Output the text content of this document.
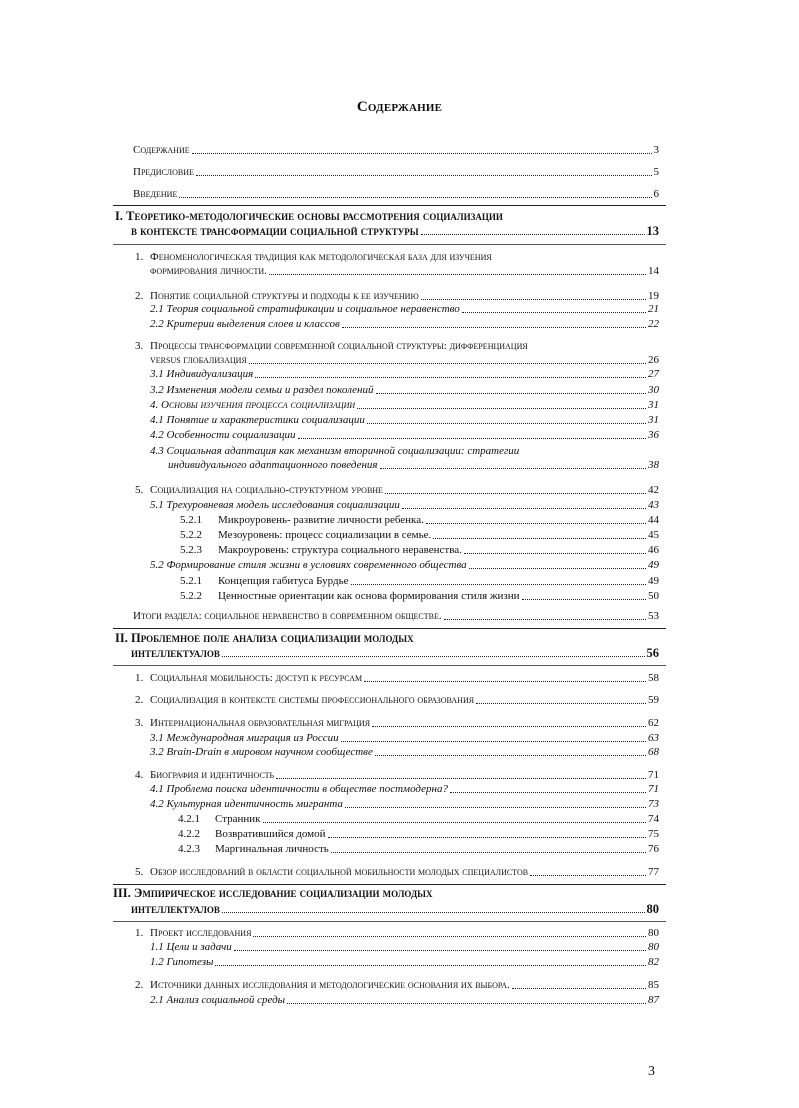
Содержание
Содержание	3
Предисловие	5
Введение	6
I. Теоретико-методологические основы рассмотрения социализации
в контексте трансформации социальной структуры	13
1. Феноменологическая традиция как методологическая база для изучения
формирования личности.	14
2. Понятие социальной структуры и подходы к ее изучению	19
2.1 Теория социальной стратификации и социальное неравенство	21
2.2 Критерии выделения слоев и классов	22
3. Процессы трансформации современной социальной структуры: дифференциация
versus глобализация	26
3.1 Индивидуализация	27
3.2 Изменения модели семьи и раздел поколений	30
4. Основы изучения процесса социализации	31
4.1 Понятие и характеристики социализации	31
4.2 Особенности социализации	36
4.3 Социальная адаптация как механизм вторичной социализации: стратегии
индивидуального адаптационного поведения	38
5. Социализация на социально-структурном уровне	42
5.1 Трехуровневая модель исследования социализации	43
5.2.1 Микроуровень- развитие личности ребенка.	44
5.2.2 Мезоуровень: процесс социализации в семье.	45
5.2.3 Макроуровень: структура социального неравенства.	46
5.2 Формирование стиля жизни в условиях современного общества	49
5.2.1 Концепция габитуса Бурдье	49
5.2.2 Ценностные ориентации как основа формирования стиля жизни	50
Итоги раздела: социальное неравенство в современном обществе.	53
II. Проблемное поле анализа социализации молодых
интеллектуалов	56
1. Социальная мобильность: доступ к ресурсам	58
2. Социализация в контексте системы профессионального образования	59
3. Интернациональная образовательная миграция	62
3.1 Международная миграция из России	63
3.2 Brain-Drain в мировом научном сообществе	68
4. Биография и идентичность	71
4.1 Проблема поиска идентичности в обществе постмодерна?	71
4.2 Культурная идентичность мигранта	73
4.2.1 Странник	74
4.2.2 Возвратившийся домой	75
4.2.3 Маргинальная личность	76
5. Обзор исследований в области социальной мобильности молодых специалистов	77
III. Эмпирическое исследование социализации молодых
интеллектуалов	80
1. Проект исследования	80
1.1 Цели и задачи	80
1.2 Гипотезы	82
2. Источники данных исследования и методологические основания их выбора.	85
2.1 Анализ социальной среды	87
3
